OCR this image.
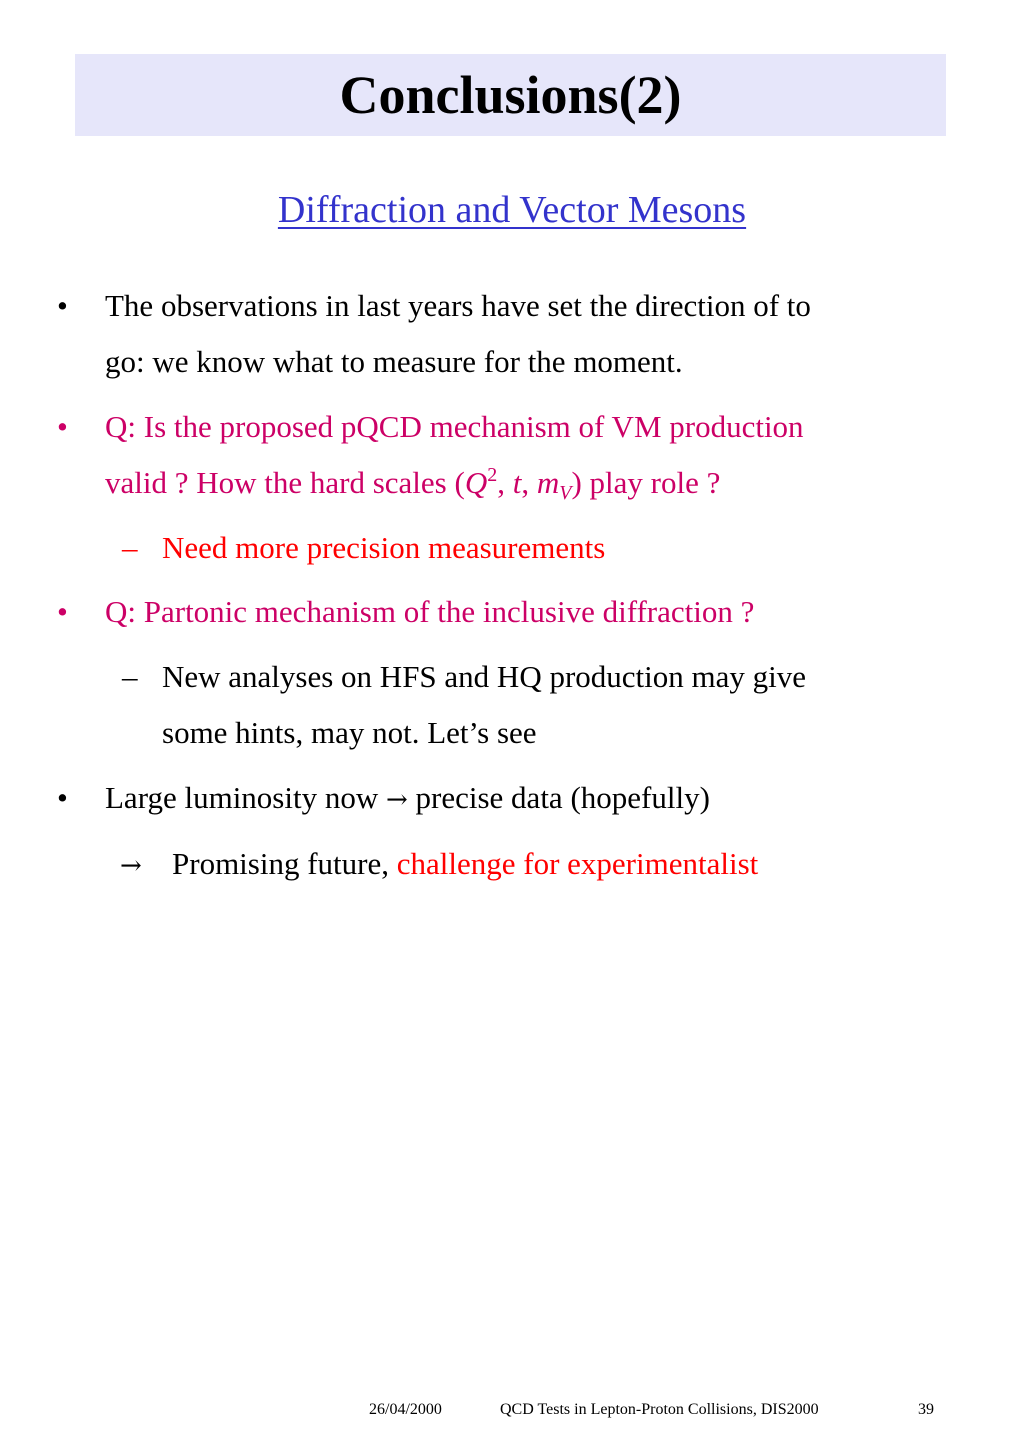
Conclusions(2)

Diffraction and Vector Mesons

•	The observations in last years have set the direction of to
go: we know what to measure for the moment.
•	Q: Is the proposed pQCD mechanism of VM production
valid ? How the hard scales ($Q^2$, t, $m_V$) play role ?
– Need more precision measurements
•	Q: Partonic mechanism of the inclusive diffraction ?
– New analyses on HFS and HQ production may give
some hints, may not. Let’s see
•	Large luminosity now → precise data (hopefully)
→ Promising future, challenge for experimentalist
26/04/2000	QCD Tests in Lepton-Proton Collisions, DIS2000	39
